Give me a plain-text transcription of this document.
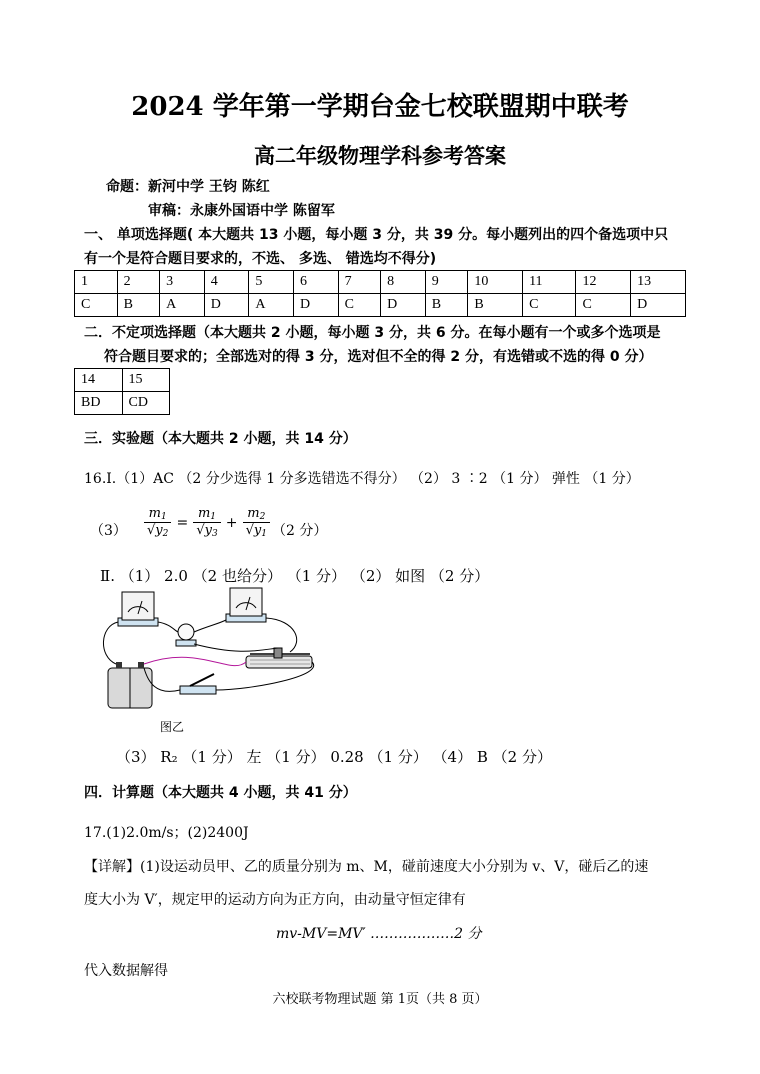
2024 学年第一学期台金七校联盟期中联考
高二年级物理学科参考答案
命题：新河中学 王钧 陈红
审稿：永康外国语中学 陈留军
一、 单项选择题( 本大题共 13 小题，每小题 3 分，共 39 分。每小题列出的四个备选项中只
有一个是符合题目要求的，不选、 多选、 错选均不得分)
1	2	3	4	5	6	7	8	9	10	11	12	13
C	B	A	D	A	D	C	D	B	B	C	C	D
二．不定项选择题（本大题共 2 小题，每小题 3 分，共 6 分。在每小题有一个或多个选项是
符合题目要求的；全部选对的得 3 分，选对但不全的得 2 分，有选错或不选的得 0 分）
14	15
BD	CD
三．实验题（本大题共 2 小题，共 14 分）
16.Ⅰ.（1）AC （2 分少选得 1 分多选错选不得分） （2） 3 ∶2 （1 分） 弹性 （1 分）
$(3) \frac{m_1}{√y_2} = \frac{m_1}{√y_3} + \frac{m_2}{√y_1} (2$ 分）
Ⅱ. （1） 2.0 （2 也给分） （1 分） （2） 如图 （2 分）
图乙
（3） R₂ （1 分） 左 （1 分） 0.28 （1 分） （4） B （2 分）
四．计算题（本大题共 4 小题，共 41 分）
17.(1)2.0m/s；(2)2400J
【详解】(1)设运动员甲、乙的质量分别为 m、M，碰前速度大小分别为 v、V，碰后乙的速
度大小为 V′，规定甲的运动方向为正方向，由动量守恒定律有
mv-MV=MV′ ………………2 分
代入数据解得
六校联考物理试题 第 1页（共 8 页）
